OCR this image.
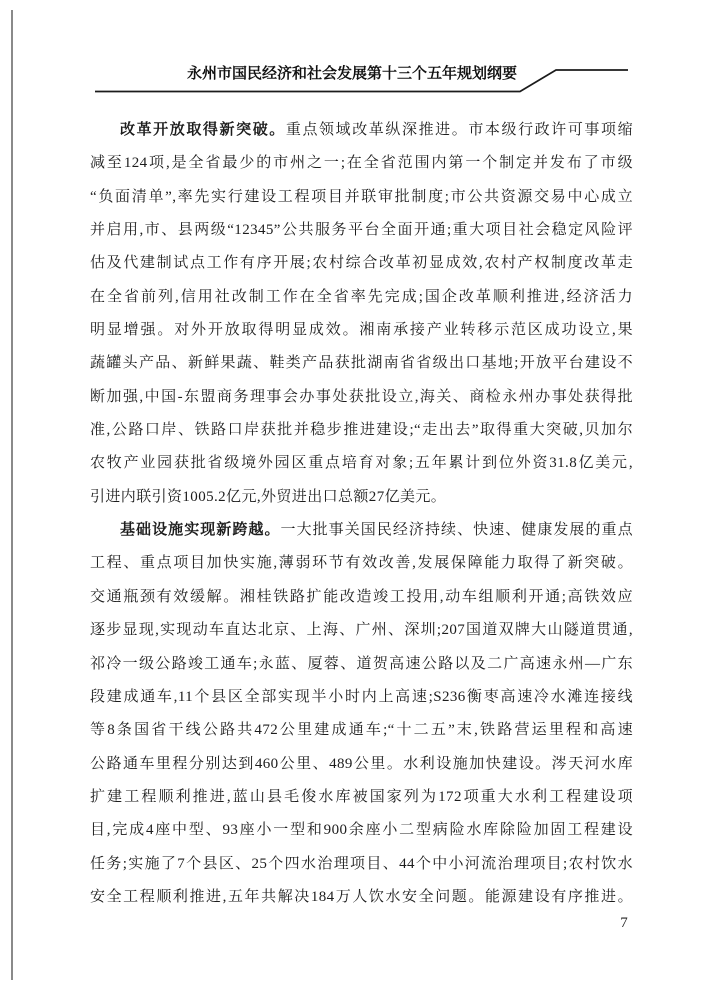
永州市国民经济和社会发展第十三个五年规划纲要
改革开放取得新突破。重点领域改革纵深推进。市本级行政许可事项缩
减至124项,是全省最少的市州之一;在全省范围内第一个制定并发布了市级
“负面清单”,率先实行建设工程项目并联审批制度;市公共资源交易中心成立
并启用,市、县两级“12345”公共服务平台全面开通;重大项目社会稳定风险评
估及代建制试点工作有序开展;农村综合改革初显成效,农村产权制度改革走
在全省前列,信用社改制工作在全省率先完成;国企改革顺利推进,经济活力
明显增强。对外开放取得明显成效。湘南承接产业转移示范区成功设立,果
蔬罐头产品、新鲜果蔬、鞋类产品获批湖南省省级出口基地;开放平台建设不
断加强,中国-东盟商务理事会办事处获批设立,海关、商检永州办事处获得批
准,公路口岸、铁路口岸获批并稳步推进建设;“走出去”取得重大突破,贝加尔
农牧产业园获批省级境外园区重点培育对象;五年累计到位外资31.8亿美元,
引进内联引资1005.2亿元,外贸进出口总额27亿美元。
基础设施实现新跨越。一大批事关国民经济持续、快速、健康发展的重点
工程、重点项目加快实施,薄弱环节有效改善,发展保障能力取得了新突破。
交通瓶颈有效缓解。湘桂铁路扩能改造竣工投用,动车组顺利开通;高铁效应
逐步显现,实现动车直达北京、上海、广州、深圳;207国道双牌大山隧道贯通,
祁冷一级公路竣工通车;永蓝、厦蓉、道贺高速公路以及二广高速永州—广东
段建成通车,11个县区全部实现半小时内上高速;S236衡枣高速冷水滩连接线
等8条国省干线公路共472公里建成通车;“十二五”末,铁路营运里程和高速
公路通车里程分别达到460公里、489公里。水利设施加快建设。涔天河水库
扩建工程顺利推进,蓝山县毛俊水库被国家列为172项重大水利工程建设项
目,完成4座中型、93座小一型和900余座小二型病险水库除险加固工程建设
任务;实施了7个县区、25个四水治理项目、44个中小河流治理项目;农村饮水
安全工程顺利推进,五年共解决184万人饮水安全问题。能源建设有序推进。
7
